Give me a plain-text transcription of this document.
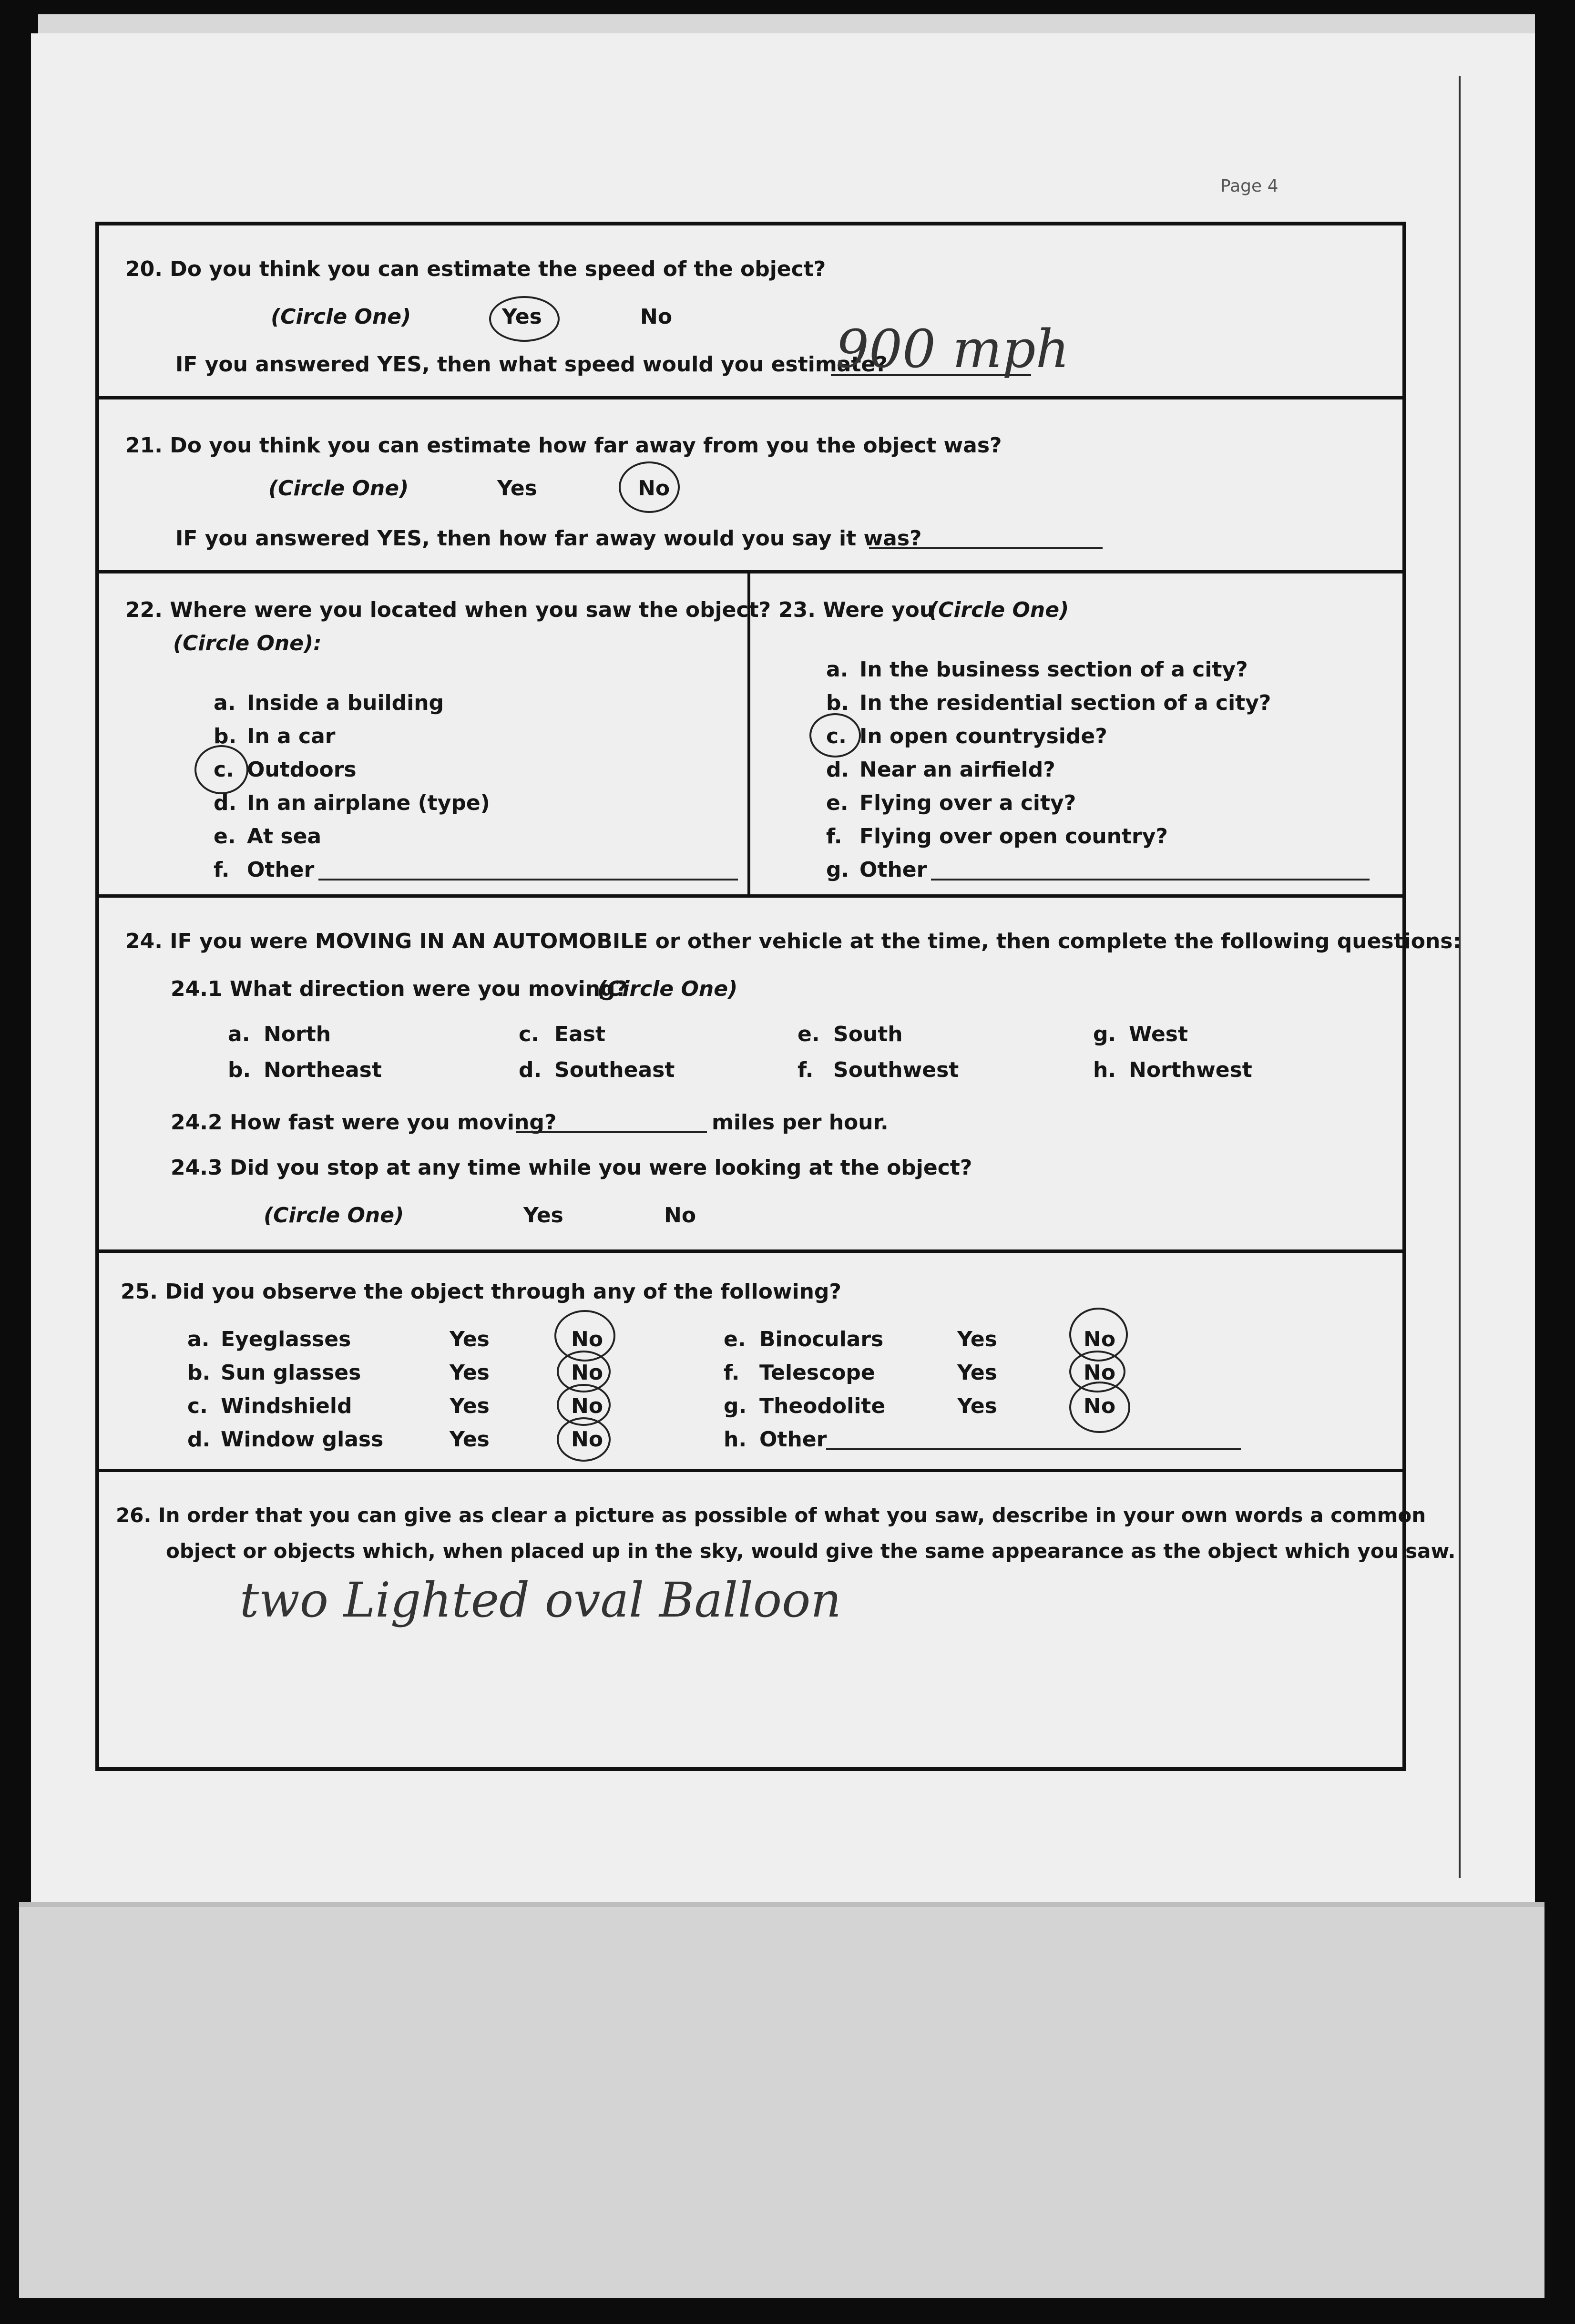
Page 4
20. Do you think you can estimate the speed of the object?
(Circle One)	Yes	No
IF you answered YES, then what speed would you estimate?
900 mph
21. Do you think you can estimate how far away from you the object was?
(Circle One)	Yes	No
IF you answered YES, then how far away would you say it was?
22. Where were you located when you saw the object?
(Circle One):
a. Inside a building
b. In a car
c. Outdoors
d. In an airplane (type)
e. At sea
f. Other
23. Were you
(Circle One)
a. In the business section of a city?
b. In the residential section of a city?
c. In open countryside?
d. Near an airfield?
e. Flying over a city?
f. Flying over open country?
g. Other
24. IF you were MOVING IN AN AUTOMOBILE or other vehicle at the time, then complete the following questions:
24.1 What direction were you moving?
(Circle One)
a. North	c. East	e. South	g. West
b. Northeast	d. Southeast	f. Southwest	h. Northwest
24.2 How fast were you moving?	miles per hour.
24.3 Did you stop at any time while you were looking at the object?
(Circle One)	Yes	No
25. Did you observe the object through any of the following?
a. Eyeglasses	Yes	No
b. Sun glasses	Yes	No
c. Windshield	Yes	No
d. Window glass	Yes	No
e. Binoculars	Yes	No
f. Telescope	Yes	No
g. Theodolite	Yes	No
h. Other
26. In order that you can give as clear a picture as possible of what you saw, describe in your own words a common
object or objects which, when placed up in the sky, would give the same appearance as the object which you saw.
two Lighted oval Balloon
